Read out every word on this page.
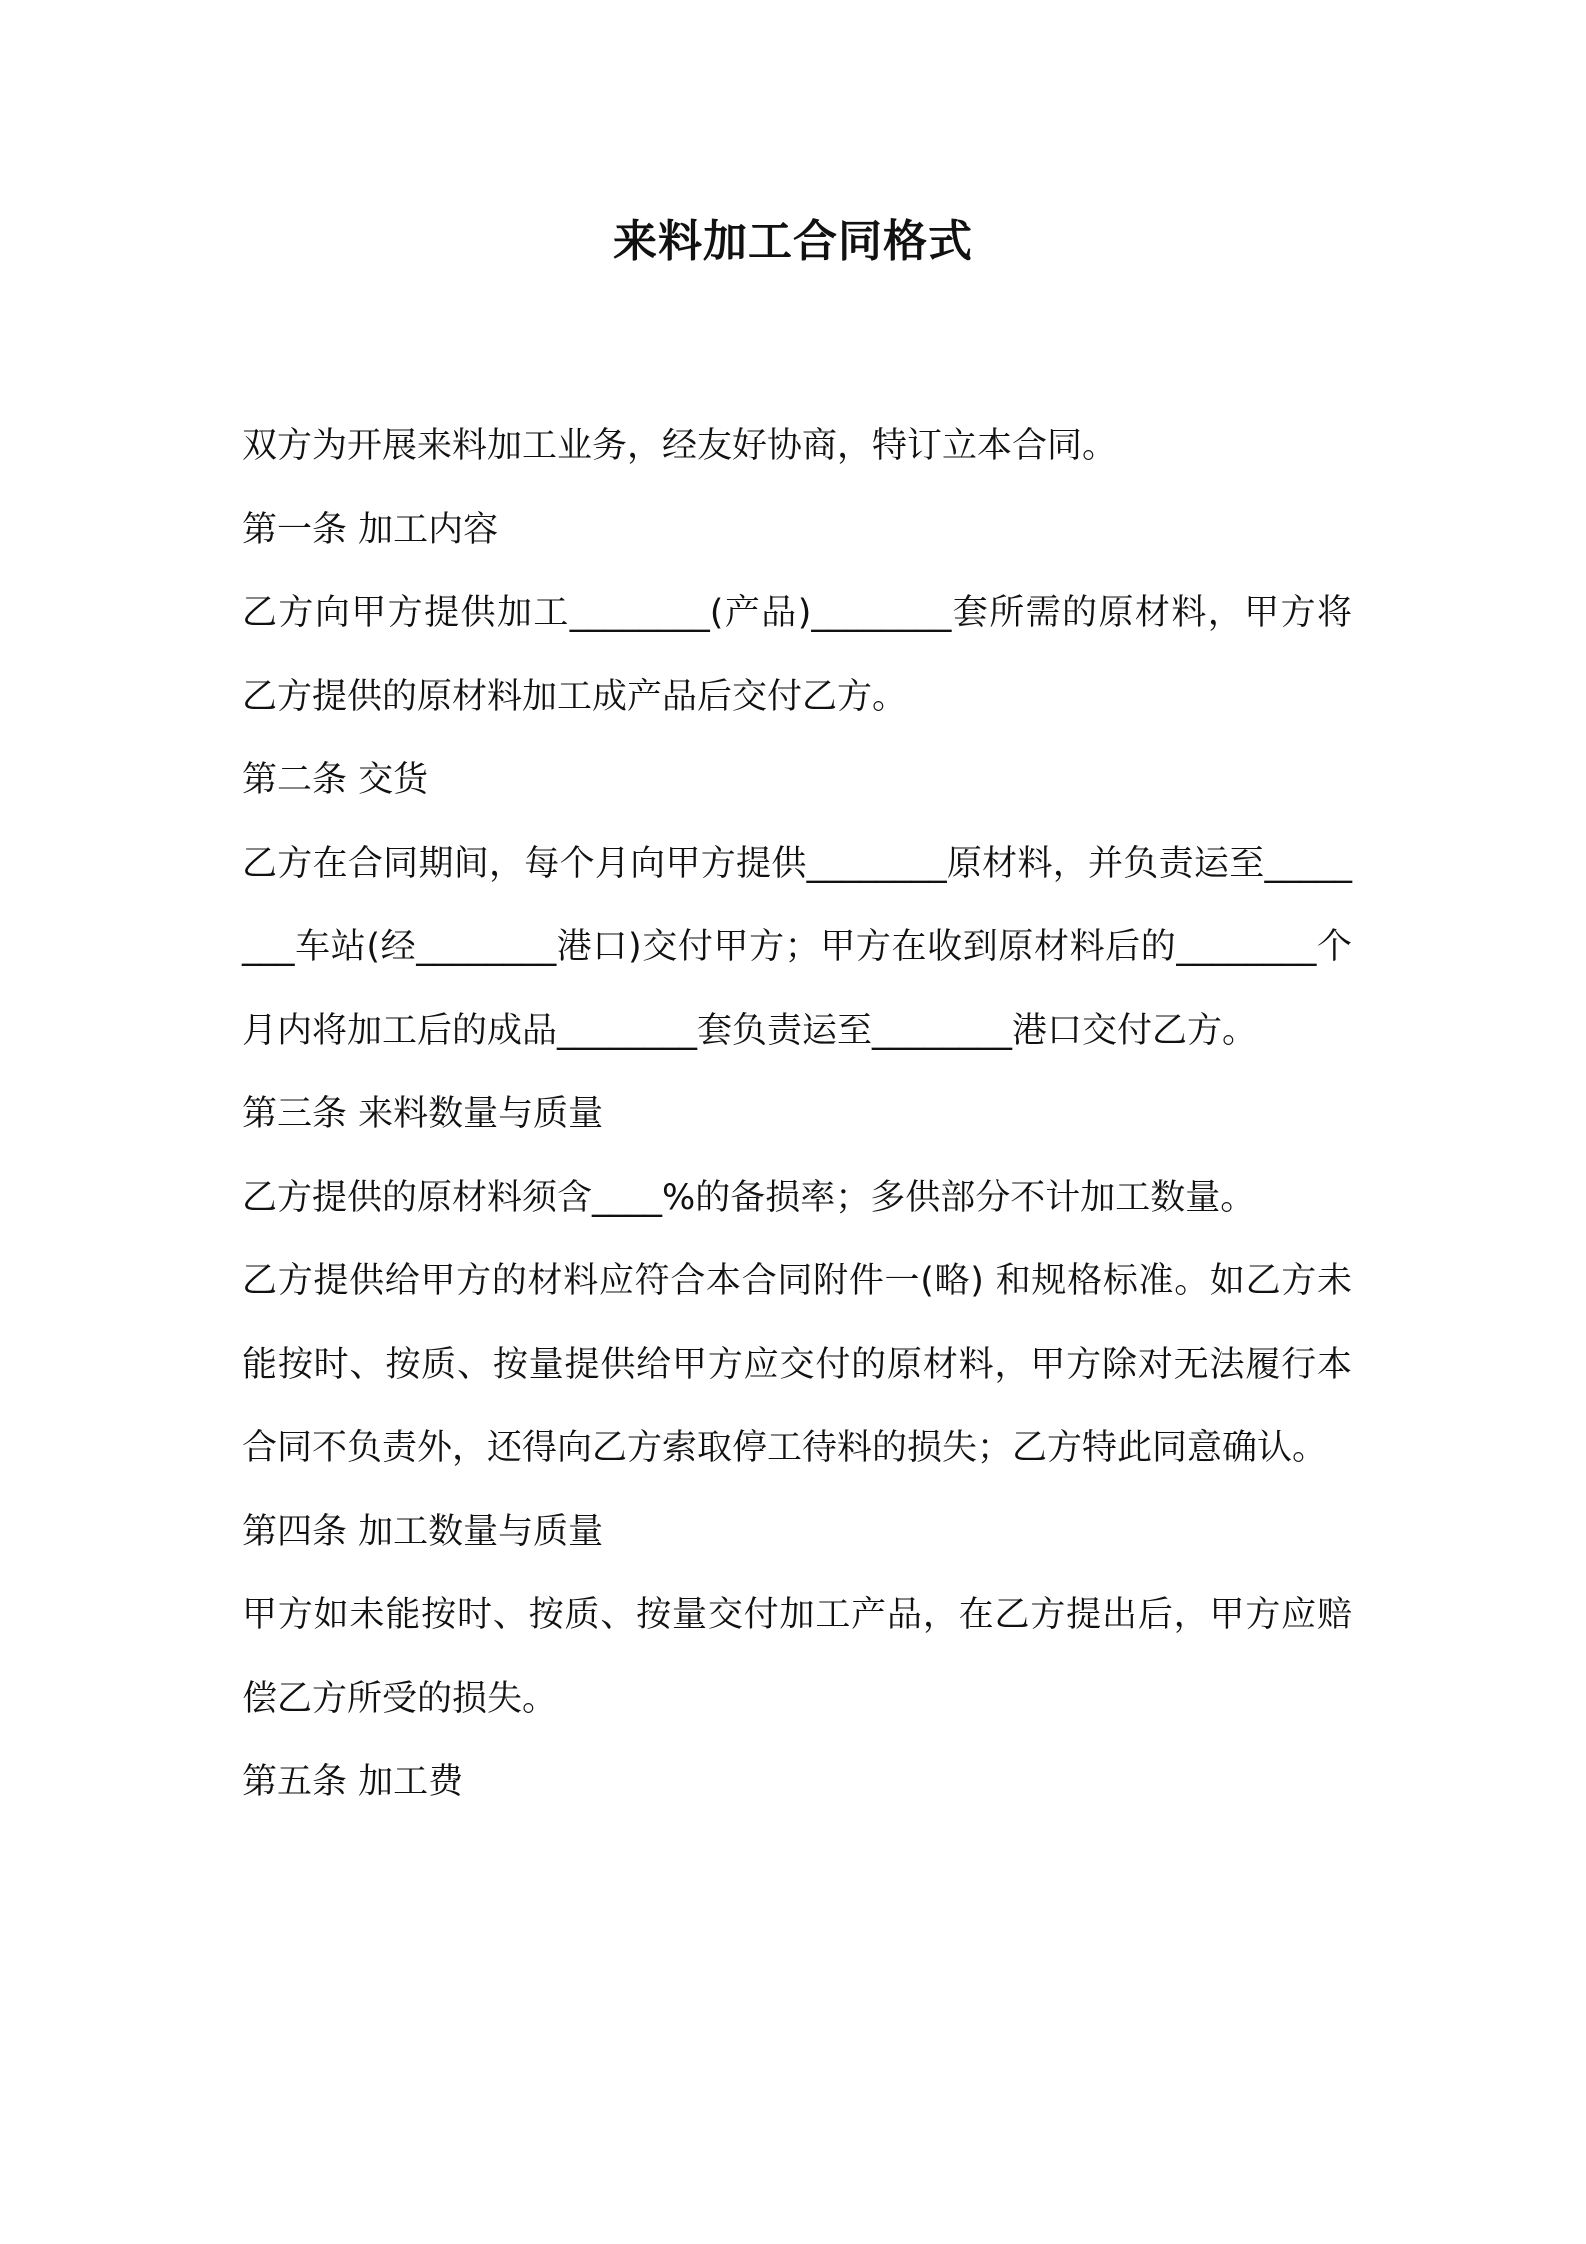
来料加工合同格式

双方为开展来料加工业务，经友好协商，特订立本合同。

第一条 加工内容

乙方向甲方提供加工________(产品)________套所需的原材料，甲方将乙方提供的原材料加工成产品后交付乙方。

第二条 交货

乙方在合同期间，每个月向甲方提供________原材料，并负责运至________车站(经________港口)交付甲方；甲方在收到原材料后的________个月内将加工后的成品________套负责运至________港口交付乙方。

第三条 来料数量与质量

乙方提供的原材料须含____%的备损率；多供部分不计加工数量。

乙方提供给甲方的材料应符合本合同附件一(略) 和规格标准。如乙方未能按时、按质、按量提供给甲方应交付的原材料，甲方除对无法履行本合同不负责外，还得向乙方索取停工待料的损失；乙方特此同意确认。

第四条 加工数量与质量

甲方如未能按时、按质、按量交付加工产品，在乙方提出后，甲方应赔偿乙方所受的损失。

第五条 加工费
